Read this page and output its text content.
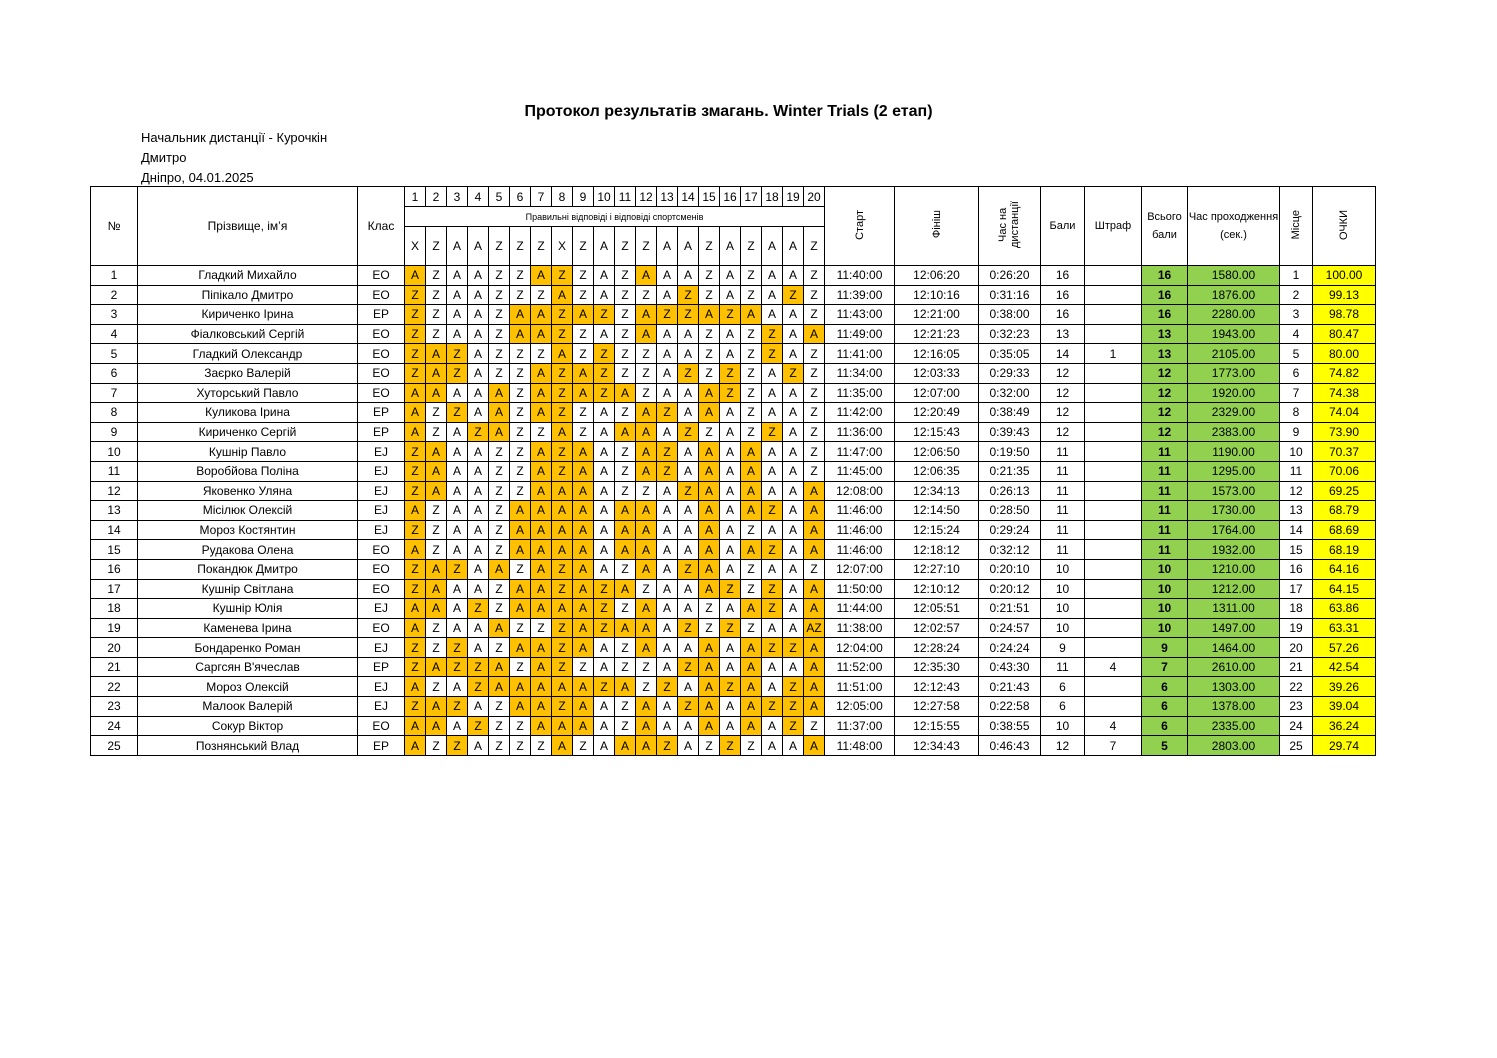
Протокол результатів змагань. Winter Trials (2 етап)
Начальник дистанції - Курочкін
Дмитро
Дніпро, 04.01.2025
№	Прізвище, ім’я	Клас	1	2	3	4	5	6	7	8	9	10	11	12	13	14	15	16	17	18	19	20	Старт	Фініш	Час на дистанції	Бали	Штраф	Всього бали	Час проходження (сек.)	Місце	ОЧКИ
			Правильні відповіді і відповіді спортсменів																												
			X	Z	A	A	Z	Z	Z	X	Z	A	Z	Z	A	A	Z	A	Z	A	A	Z									
1	Гладкий Михайло	EO	A	Z	A	A	Z	Z	A	Z	Z	A	Z	A	A	A	Z	A	Z	A	A	Z	11:40:00	12:06:20	0:26:20	16		16	1580.00	1	100.00
2	Піпікало Дмитро	EO	Z	Z	A	A	Z	Z	Z	A	Z	A	Z	Z	A	Z	Z	A	Z	A	Z	Z	11:39:00	12:10:16	0:31:16	16		16	1876.00	2	99.13
3	Кириченко Ірина	EP	Z	Z	A	A	Z	A	A	Z	A	Z	Z	A	Z	Z	A	Z	A	A	A	Z	11:43:00	12:21:00	0:38:00	16		16	2280.00	3	98.78
4	Фіалковський Сергій	EO	Z	Z	A	A	Z	A	A	Z	Z	A	Z	A	A	A	Z	A	Z	Z	A	A	11:49:00	12:21:23	0:32:23	13		13	1943.00	4	80.47
5	Гладкий Олександр	EO	Z	A	Z	A	Z	Z	Z	A	Z	Z	Z	Z	A	A	Z	A	Z	Z	A	Z	11:41:00	12:16:05	0:35:05	14	1	13	2105.00	5	80.00
6	Заєрко Валерій	EO	Z	A	Z	A	Z	Z	A	Z	A	Z	Z	Z	A	Z	Z	Z	Z	A	Z	Z	11:34:00	12:03:33	0:29:33	12		12	1773.00	6	74.82
7	Хуторський Павло	EO	A	A	A	A	A	Z	A	Z	A	Z	A	Z	A	A	A	Z	Z	A	A	Z	11:35:00	12:07:00	0:32:00	12		12	1920.00	7	74.38
8	Куликова Ірина	EP	A	Z	Z	A	A	Z	A	Z	Z	A	Z	A	Z	A	A	A	Z	A	A	Z	11:42:00	12:20:49	0:38:49	12		12	2329.00	8	74.04
9	Кириченко Сергій	EP	A	Z	A	Z	A	Z	Z	A	Z	A	A	A	A	Z	Z	A	Z	Z	A	Z	11:36:00	12:15:43	0:39:43	12		12	2383.00	9	73.90
10	Кушнір Павло	EJ	Z	A	A	A	Z	Z	A	Z	A	A	Z	A	Z	A	A	A	A	A	A	Z	11:47:00	12:06:50	0:19:50	11		11	1190.00	10	70.37
11	Воробйова Поліна	EJ	Z	A	A	A	Z	Z	A	Z	A	A	Z	A	Z	A	A	A	A	A	A	Z	11:45:00	12:06:35	0:21:35	11		11	1295.00	11	70.06
12	Яковенко Уляна	EJ	Z	A	A	A	Z	Z	A	A	A	A	Z	Z	A	Z	A	A	A	A	A	A	12:08:00	12:34:13	0:26:13	11		11	1573.00	12	69.25
13	Місілюк Олексій	EJ	A	Z	A	A	Z	A	A	A	A	A	A	A	A	A	A	A	A	Z	A	A	11:46:00	12:14:50	0:28:50	11		11	1730.00	13	68.79
14	Мороз Костянтин	EJ	Z	Z	A	A	Z	A	A	A	A	A	A	A	A	A	A	A	Z	A	A	A	11:46:00	12:15:24	0:29:24	11		11	1764.00	14	68.69
15	Рудакова Олена	EO	A	Z	A	A	Z	A	A	A	A	A	A	A	A	A	A	A	A	Z	A	A	11:46:00	12:18:12	0:32:12	11		11	1932.00	15	68.19
16	Покандюк Дмитро	EO	Z	A	Z	A	A	Z	A	Z	A	A	Z	A	A	Z	A	A	Z	A	A	Z	12:07:00	12:27:10	0:20:10	10		10	1210.00	16	64.16
17	Кушнір Світлана	EO	Z	A	A	A	Z	A	A	Z	A	Z	A	Z	A	A	A	Z	Z	Z	A	A	11:50:00	12:10:12	0:20:12	10		10	1212.00	17	64.15
18	Кушнір Юлія	EJ	A	A	A	Z	Z	A	A	A	A	Z	Z	A	A	A	Z	A	A	Z	A	A	11:44:00	12:05:51	0:21:51	10		10	1311.00	18	63.86
19	Каменева Ірина	EO	A	Z	A	A	A	Z	Z	Z	A	Z	A	A	A	Z	Z	Z	Z	A	A	AZ	11:38:00	12:02:57	0:24:57	10		10	1497.00	19	63.31
20	Бондаренко Роман	EJ	Z	Z	Z	A	Z	A	A	Z	A	A	Z	A	A	A	A	A	A	Z	Z	A	12:04:00	12:28:24	0:24:24	9		9	1464.00	20	57.26
21	Саргсян В'ячеслав	EP	Z	A	Z	Z	A	Z	A	Z	Z	A	Z	Z	A	Z	A	A	A	A	A	A	11:52:00	12:35:30	0:43:30	11	4	7	2610.00	21	42.54
22	Мороз Олексій	EJ	A	Z	A	Z	A	A	A	A	A	Z	A	Z	Z	A	A	Z	A	A	Z	A	11:51:00	12:12:43	0:21:43	6		6	1303.00	22	39.26
23	Малоок Валерій	EJ	Z	A	Z	A	Z	A	A	Z	A	A	Z	A	A	Z	A	A	A	Z	Z	A	12:05:00	12:27:58	0:22:58	6		6	1378.00	23	39.04
24	Сокур Віктор	EO	A	A	A	Z	Z	Z	A	A	A	A	Z	A	A	A	A	A	A	A	Z	Z	11:37:00	12:15:55	0:38:55	10	4	6	2335.00	24	36.24
25	Познянський Влад	EP	A	Z	Z	A	Z	Z	Z	A	Z	A	A	A	Z	A	Z	Z	Z	A	A	A	11:48:00	12:34:43	0:46:43	12	7	5	2803.00	25	29.74
